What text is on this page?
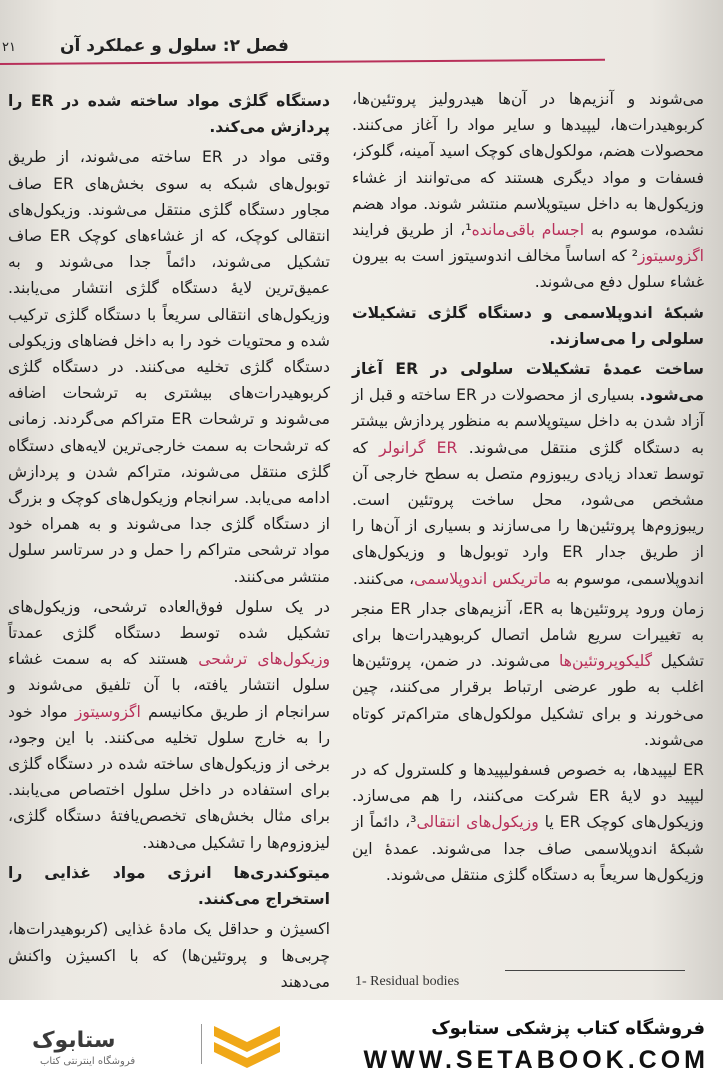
۲۱	فصل ۲: سلول و عملکرد آن
دستگاه گلژی مواد ساخته شده در ER را پردازش می‌کند.

وقتی مواد در ER ساخته می‌شوند، از طریق توبول‌های شبکه به سوی بخش‌های ER صاف مجاور دستگاه گلژی منتقل می‌شوند. وزیکول‌های انتقالی کوچک، که از غشاءهای کوچک ER صاف تشکیل می‌شوند، دائماً جدا می‌شوند و به عمیق‌ترین لایهٔ دستگاه گلژی انتشار می‌یابند. وزیکول‌های انتقالی سریعاً با دستگاه گلژی ترکیب شده و محتویات خود را به داخل فضاهای وزیکولی دستگاه گلژی تخلیه می‌کنند. در دستگاه گلژی کربوهیدرات‌های بیشتری به ترشحات اضافه می‌شوند و ترشحات ER متراکم می‌گردند. زمانی که ترشحات به سمت خارجی‌ترین لایه‌های دستگاه گلژی منتقل می‌شوند، متراکم شدن و پردازش ادامه می‌یابد. سرانجام وزیکول‌های کوچک و بزرگ از دستگاه گلژی جدا می‌شوند و به همراه خود مواد ترشحی متراکم را حمل و در سرتاسر سلول منتشر می‌کنند.

در یک سلول فوق‌العاده ترشحی، وزیکول‌های تشکیل شده توسط دستگاه گلژی عمدتاً وزیکول‌های ترشحی هستند که به سمت غشاء سلول انتشار یافته، با آن تلفیق می‌شوند و سرانجام از طریق مکانیسم اگزوسیتوز مواد خود را به خارج سلول تخلیه می‌کنند. با این وجود، برخی از وزیکول‌های ساخته شده در دستگاه گلژی برای استفاده در داخل سلول اختصاص می‌یابند. برای مثال بخش‌های تخصص‌یافتهٔ دستگاه گلژی، لیزوزوم‌ها را تشکیل می‌دهند.

میتوکندری‌ها انرژی مواد غذایی را استخراج می‌کنند.

اکسیژن و حداقل یک مادهٔ غذایی (کربوهیدرات‌ها، چربی‌ها و پروتئین‌ها) که با اکسیژن واکنش می‌دهند

می‌شوند و آنزیم‌ها در آن‌ها هیدرولیز پروتئین‌ها، کربوهیدرات‌ها، لیپیدها و سایر مواد را آغاز می‌کنند. محصولات هضم، مولکول‌های کوچک اسید آمینه، گلوکز، فسفات و مواد دیگری هستند که می‌توانند از غشاء وزیکول‌ها به داخل سیتوپلاسم منتشر شوند. مواد هضم نشده، موسوم به اجسام باقی‌مانده¹، از طریق فرایند اگزوسیتوز² که اساساً مخالف اندوسیتوز است به بیرون غشاء سلول دفع می‌شوند.

شبکهٔ اندوپلاسمی و دستگاه گلژی تشکیلات سلولی را می‌سازند.

ساخت عمدهٔ تشکیلات سلولی در ER آغاز می‌شود. بسیاری از محصولات در ER ساخته و قبل از آزاد شدن به داخل سیتوپلاسم به منظور پردازش بیشتر به دستگاه گلژی منتقل می‌شوند. ER گرانولر که توسط تعداد زیادی ریبوزوم متصل به سطح خارجی آن مشخص می‌شود، محل ساخت پروتئین است. ریبوزوم‌ها پروتئین‌ها را می‌سازند و بسیاری از آن‌ها را از طریق جدار ER وارد توبول‌ها و وزیکول‌های اندوپلاسمی، موسوم به ماتریکس اندوپلاسمی، می‌کنند.

زمان ورود پروتئین‌ها به ER، آنزیم‌های جدار ER منجر به تغییرات سریع شامل اتصال کربوهیدرات‌ها برای تشکیل گلیکوپروتئین‌ها می‌شوند. در ضمن، پروتئین‌ها اغلب به طور عرضی ارتباط برقرار می‌کنند، چین می‌خورند و برای تشکیل مولکول‌های متراکم‌تر کوتاه می‌شوند.

ER لیپیدها، به خصوص فسفولیپیدها و کلسترول که در لیپید دو لایهٔ ER شرکت می‌کنند، را هم می‌سازد. وزیکول‌های کوچک ER یا وزیکول‌های انتقالی³، دائماً از شبکهٔ اندوپلاسمی صاف جدا می‌شوند. عمدهٔ این وزیکول‌ها سریعاً به دستگاه گلژی منتقل می‌شوند.

1- Residual bodies
ستابوک
فروشگاه اینترنتی کتاب
فروشگاه کتاب پزشکی ستابوک
WWW.SETABOOK.COM
